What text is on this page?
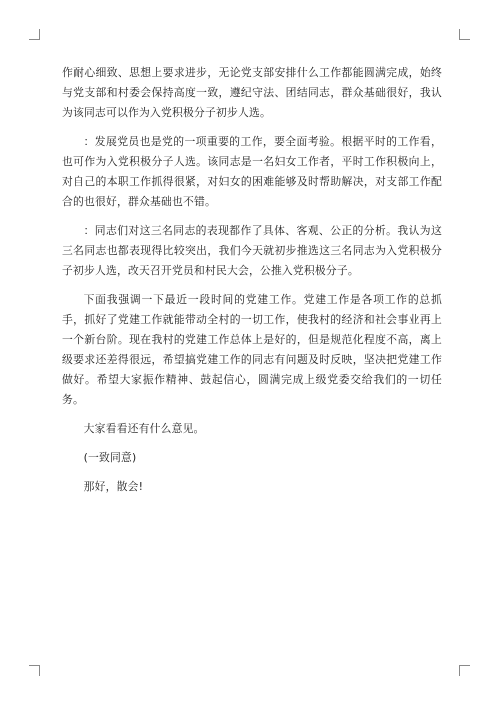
作耐心细致、思想上要求进步，无论党支部安排什么工作都能圆满完成，始终与党支部和村委会保持高度一致，遵纪守法、团结同志，群众基础很好，我认为该同志可以作为入党积极分子初步人选。

：发展党员也是党的一项重要的工作，要全面考验。根据平时的工作看，也可作为入党积极分子人选。该同志是一名妇女工作者，平时工作积极向上，对自己的本职工作抓得很紧，对妇女的困难能够及时帮助解决，对支部工作配合的也很好，群众基础也不错。

：同志们对这三名同志的表现都作了具体、客观、公正的分析。我认为这三名同志也都表现得比较突出，我们今天就初步推选这三名同志为入党积极分子初步人选，改天召开党员和村民大会，公推入党积极分子。

下面我强调一下最近一段时间的党建工作。党建工作是各项工作的总抓手，抓好了党建工作就能带动全村的一切工作，使我村的经济和社会事业再上一个新台阶。现在我村的党建工作总体上是好的，但是规范化程度不高，离上级要求还差得很远，希望搞党建工作的同志有问题及时反映，坚决把党建工作做好。希望大家振作精神、鼓起信心，圆满完成上级党委交给我们的一切任务。

大家看看还有什么意见。

(一致同意)

那好，散会!
